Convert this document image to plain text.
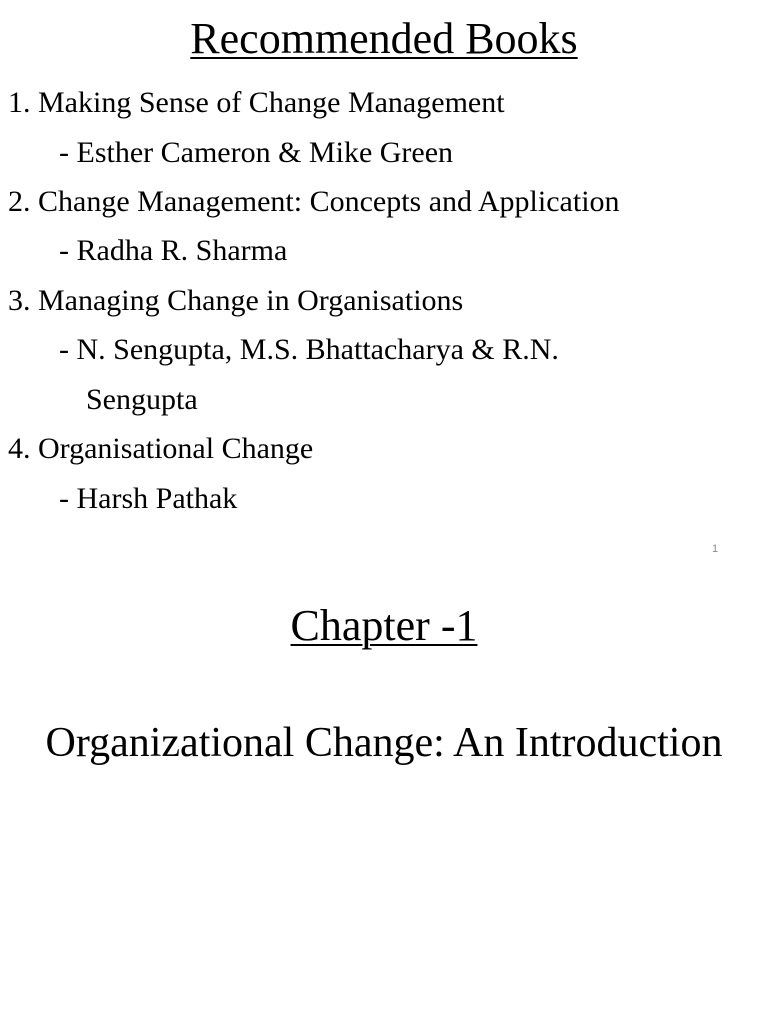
Recommended Books

1. Making Sense of Change Management

- Esther Cameron & Mike Green

2. Change Management: Concepts and Application

- Radha R. Sharma

3. Managing Change in Organisations

- N. Sengupta, M.S. Bhattacharya & R.N.

Sengupta

4. Organisational Change

- Harsh Pathak

1
Chapter -1
Organizational Change: An Introduction
